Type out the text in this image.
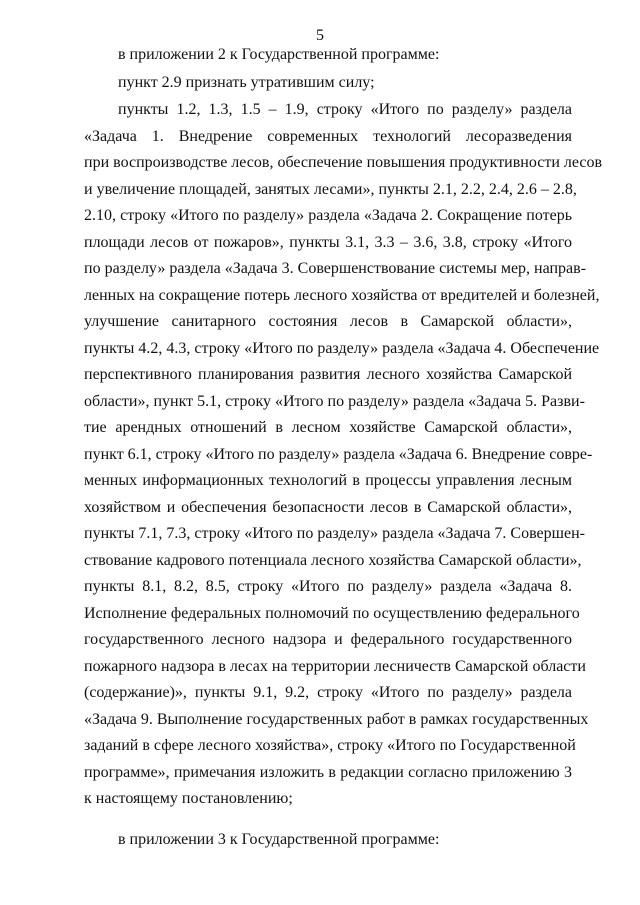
5
в приложении 2 к Государственной программе:
пункт 2.9 признать утратившим силу;
пункты 1.2, 1.3, 1.5 – 1.9, строку «Итого по разделу» раздела
«Задача 1. Внедрение современных технологий лесоразведения
при воспроизводстве лесов, обеспечение повышения продуктивности лесов
и увеличение площадей, занятых лесами», пункты 2.1, 2.2, 2.4, 2.6 – 2.8,
2.10, строку «Итого по разделу» раздела «Задача 2. Сокращение потерь
площади лесов от пожаров», пункты 3.1, 3.3 – 3.6, 3.8, строку «Итого
по разделу» раздела «Задача 3. Совершенствование системы мер, направ-
ленных на сокращение потерь лесного хозяйства от вредителей и болезней,
улучшение санитарного состояния лесов в Самарской области»,
пункты 4.2, 4.3, строку «Итого по разделу» раздела «Задача 4. Обеспечение
перспективного планирования развития лесного хозяйства Самарской
области», пункт 5.1, строку «Итого по разделу» раздела «Задача 5. Разви-
тие арендных отношений в лесном хозяйстве Самарской области»,
пункт 6.1, строку «Итого по разделу» раздела «Задача 6. Внедрение совре-
менных информационных технологий в процессы управления лесным
хозяйством и обеспечения безопасности лесов в Самарской области»,
пункты 7.1, 7.3, строку «Итого по разделу» раздела «Задача 7. Совершен-
ствование кадрового потенциала лесного хозяйства Самарской области»,
пункты 8.1, 8.2, 8.5, строку «Итого по разделу» раздела «Задача 8.
Исполнение федеральных полномочий по осуществлению федерального
государственного лесного надзора и федерального государственного
пожарного надзора в лесах на территории лесничеств Самарской области
(содержание)», пункты 9.1, 9.2, строку «Итого по разделу» раздела
«Задача 9. Выполнение государственных работ в рамках государственных
заданий в сфере лесного хозяйства», строку «Итого по Государственной
программе», примечания изложить в редакции согласно приложению 3
к настоящему постановлению;
в приложении 3 к Государственной программе:
